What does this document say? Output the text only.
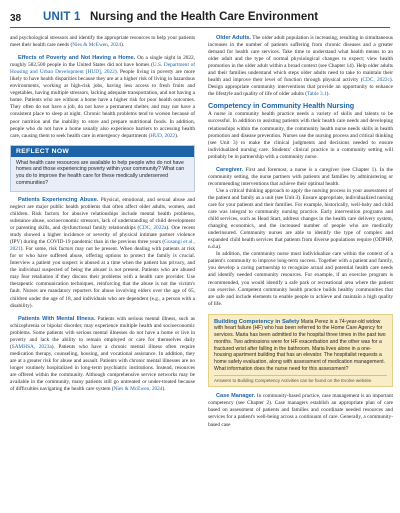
38 UNIT 1 Nursing and the Health Care Environment

and psychological stressors and identify the appropriate resources to help your patients meet their health care needs (Nies & McEwen, 2024).

Effects of Poverty and Not Having a Home. On a single night in 2022, roughly 582,500 people in the United States did not have homes (U.S. Department of Housing and Urban Development [HUD], 2022). People living in poverty are more likely to have health disparities because they are at a higher risk of living in hazardous environments, working at high-risk jobs, having less access to fresh fruits and vegetables, having multiple stressors, lacking adequate transportation, and not having a home. Patients who are without a home have a higher risk for poor health outcomes. They often do not have a job, do not have a permanent shelter, and may not have a consistent place to sleep at night. Chronic health problems tend to worsen because of poor nutrition and the inability to store and prepare nutritional foods. In addition, people who do not have a home usually also experience barriers to accessing health care, causing them to seek health care in emergency departments (HUD, 2022).

REFLECT NOW
What health care resources are available to help people who do not have homes and those experiencing poverty within your community? What can you do to improve the health care for these medically underserved communities?

Patients Experiencing Abuse. Physical, emotional, and sexual abuse and neglect are major public health problems that often affect older adults, women, and children. Risk factors for abusive relationships include mental health problems, substance abuse, socioeconomic stressors, lack of understanding of child development or parenting skills, and dysfunctional family relationships (CDC, 2022a). One recent study showed a higher incidence or severity of physical intimate partner violence (IPV) during the COVID-19 pandemic than in the previous three years (Gosangi et al., 2021). For some, risk factors may not be present. When dealing with patients at risk for or who have suffered abuse, offering options to protect the family is crucial. Interview a patient you suspect is abused at a time when the patient has privacy, and the individual suspected of being the abuser is not present. Patients who are abused may fear retaliation if they discuss their problems with a health care provider. Use therapeutic communication techniques, reinforcing that the abuse is not the victim's fault. Nurses are mandatory reporters for abuse involving elders over the age of 65, children under the age of 18, and individuals who are dependent (e.g., a person with a disability).

Patients With Mental Illness. Patients with serious mental illness, such as schizophrenia or bipolar disorder, may experience multiple health and socioeconomic problems. Some patients with serious mental illnesses do not have a home or live in poverty and lack the ability to remain employed or care for themselves daily (SAMHSA, 2023a). Patients who have a chronic mental illness often require medication therapy, counseling, housing, and vocational assistance. In addition, they are at a greater risk for abuse and assault. Patients with chronic mental illnesses are no longer routinely hospitalized in long-term psychiatric institutions. Instead, resources are offered within the community. Although comprehensive service networks may be available in the community, many patients still go untreated or under-treated because of difficulties navigating the health care system (Nies & McEwen, 2024).

Older Adults. The older adult population is increasing, resulting in simultaneous increases in the number of patients suffering from chronic diseases and a greater demand for health care services. Take time to understand what health means to an older adult and the type of normal physiological changes to expect; view health promotion in the older adult within a broad context (see Chapter 14). Help older adults and their families understand which steps older adults need to take to maintain their health and improve their level of function through physical activity (CDC, 2022c). Design appropriate community interventions that provide an opportunity to enhance the lifestyle and quality of life of older adults (Table 3.1).

Competency in Community Health Nursing

A nurse in community health practice needs a variety of skills and talents to be successful. In addition to assisting patients with their health care needs and developing relationships within the community, the community health nurse needs skills in health promotion and disease prevention. Nurses use the nursing process and critical thinking (see Unit 3) to make the clinical judgments and decisions needed to ensure individualized nursing care. Students' clinical practice in a community setting will probably be in partnership with a community nurse.

Caregiver. First and foremost, a nurse is a caregiver (see Chapter 1). In the community setting, the nurse partners with patients and families by administering or recommending interventions that achieve their optimal health.

Use a critical thinking approach to apply the nursing process in your assessment of the patient and family as a unit (see Unit 3). Ensure appropriate, individualized nursing care for your patients and their families. For example, historically, well-baby and child care was integral to community nursing practice. Early intervention programs and child services, such as Head Start, address changes in the health care delivery system, changing economics, and the increased number of people who are medically underinsured. Community nurses are able to identify the type of complex and expanded child health services that patients from diverse populations require (ODPHP, n.d.a).

In addition, the community nurse must individualize care within the context of a patient's community to improve long-term success. Together with a patient and family, you develop a caring partnership to recognize actual and potential health care needs and identify needed community resources. For example, if an exercise program is recommended, you would identify a safe park or recreational area where the patient can exercise. Competent community health practice builds healthy communities that are safe and include elements to enable people to achieve and maintain a high quality of life.

Building Competency in Safety Maria Perez is a 74-year-old widow with heart failure (HF) who has been referred to the Home Care Agency for services. Maria has been admitted to the hospital three times in the past two months. Two admissions were for HF exacerbation and the other was for a fractured wrist after falling in the bathroom. Maria lives alone in a one-housing apartment building that has an elevator. The hospitalist requests a home safety evaluation, along with assessment of medication management. What information does the nurse need for this assessment?
Answers to Building Competency Activities can be found on the Evolve website.

Case Manager. In community-based practice, case management is an important competency (see Chapter 2). Case managers establish an appropriate plan of care based on assessment of patients and families and coordinate needed resources and services for a patient's well-being across a continuum of care. Generally, a community-based case
